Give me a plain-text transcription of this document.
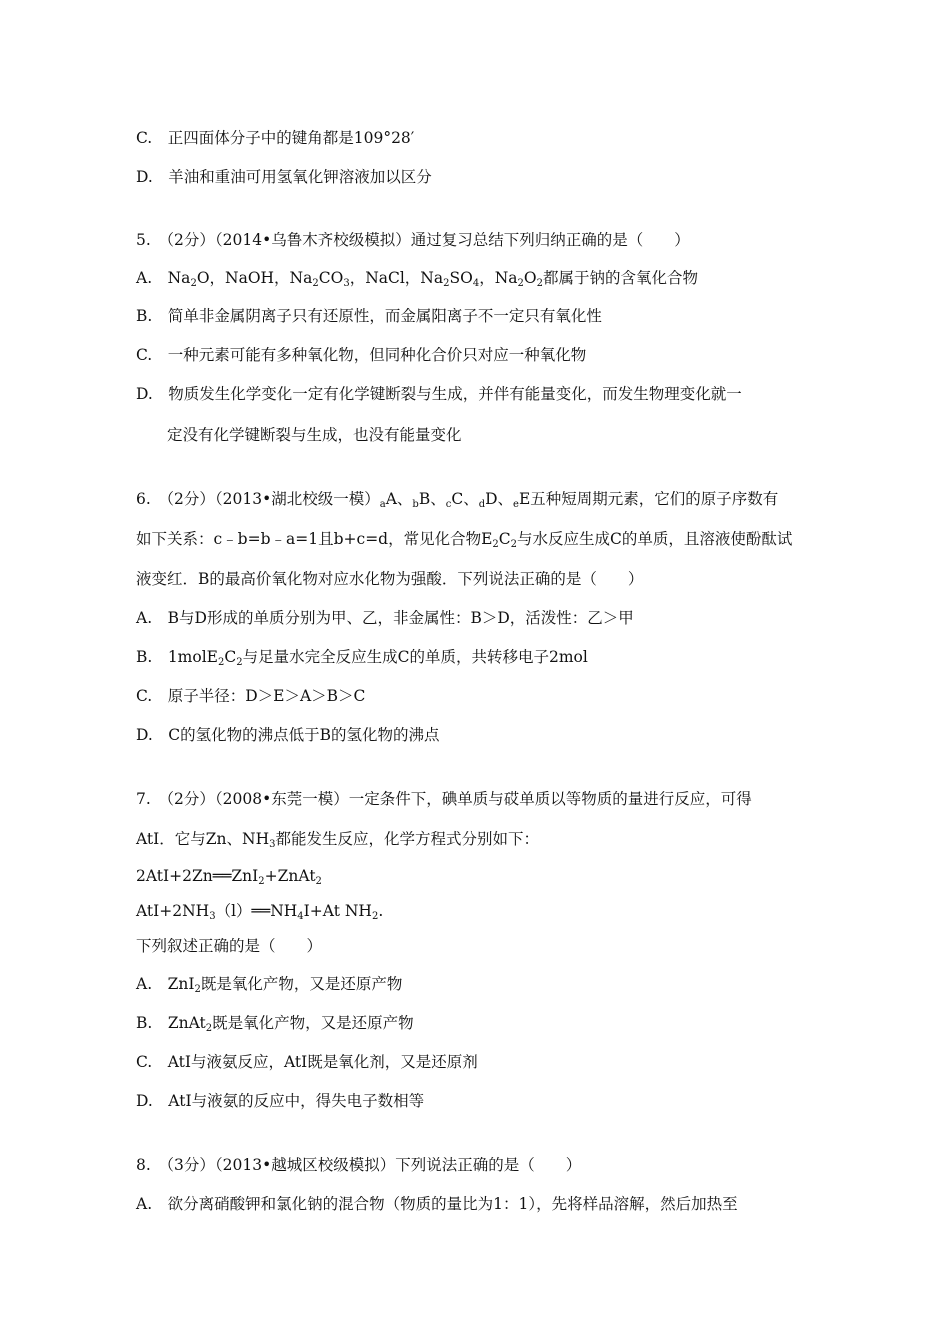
C.　正四面体分子中的键角都是109°28′
D.　羊油和重油可用氢氧化钾溶液加以区分
5.　（2分）（2014•乌鲁木齐校级模拟）通过复习总结下列归纳正确的是（　　）
A.　$Na_2O$，NaOH，$Na_2CO_3$，NaCl，$Na_2SO_4$，$Na_2O_2$都属于钠的含氧化合物
B.　简单非金属阴离子只有还原性，而金属阳离子不一定只有氧化性
C.　一种元素可能有多种氧化物，但同种化合价只对应一种氧化物
D.　物质发生化学变化一定有化学键断裂与生成，并伴有能量变化，而发生物理变化就一
定没有化学键断裂与生成，也没有能量变化
6.　（2分）（2013•湖北校级一模）$_aA$、$_b$B、$_c$C、$_d$D、$_e$E五种短周期元素，它们的原子序数有
如下关系：c﹣b=b﹣a=1且b+c=d，常见化合物$E_2C_2$与水反应生成C的单质，且溶液使酚酞试
液变红．B的最高价氧化物对应水化物为强酸．下列说法正确的是（　　）
A.　B与D形成的单质分别为甲、乙，非金属性：B＞D，活泼性：乙＞甲
B.　$1molE_2C_2$与足量水完全反应生成C的单质，共转移电子2mol
C.　原子半径：D＞E＞A＞B＞C
D.　C的氢化物的沸点低于B的氢化物的沸点
7.　（2分）（2008•东莞一模）一定条件下，碘单质与砹单质以等物质的量进行反应，可得
AtI．它与Zn、$NH_3$都能发生反应，化学方程式分别如下：
2AtI+2Zn══ZnI$_2$+ZnAt$_2$
$AtI+2NH_3(l)══NH_4I+At$ $NH_2$.
下列叙述正确的是（　　）
A.　ZnI$_2$既是氧化产物，又是还原产物
B.　ZnAt$_2$既是氧化产物，又是还原产物
C.　AtI与液氨反应，AtI既是氧化剂，又是还原剂
D.　AtI与液氨的反应中，得失电子数相等
8.　（3分）（2013•越城区校级模拟）下列说法正确的是（　　）
A.　欲分离硝酸钾和氯化钠的混合物（物质的量比为1：1），先将样品溶解，然后加热至
